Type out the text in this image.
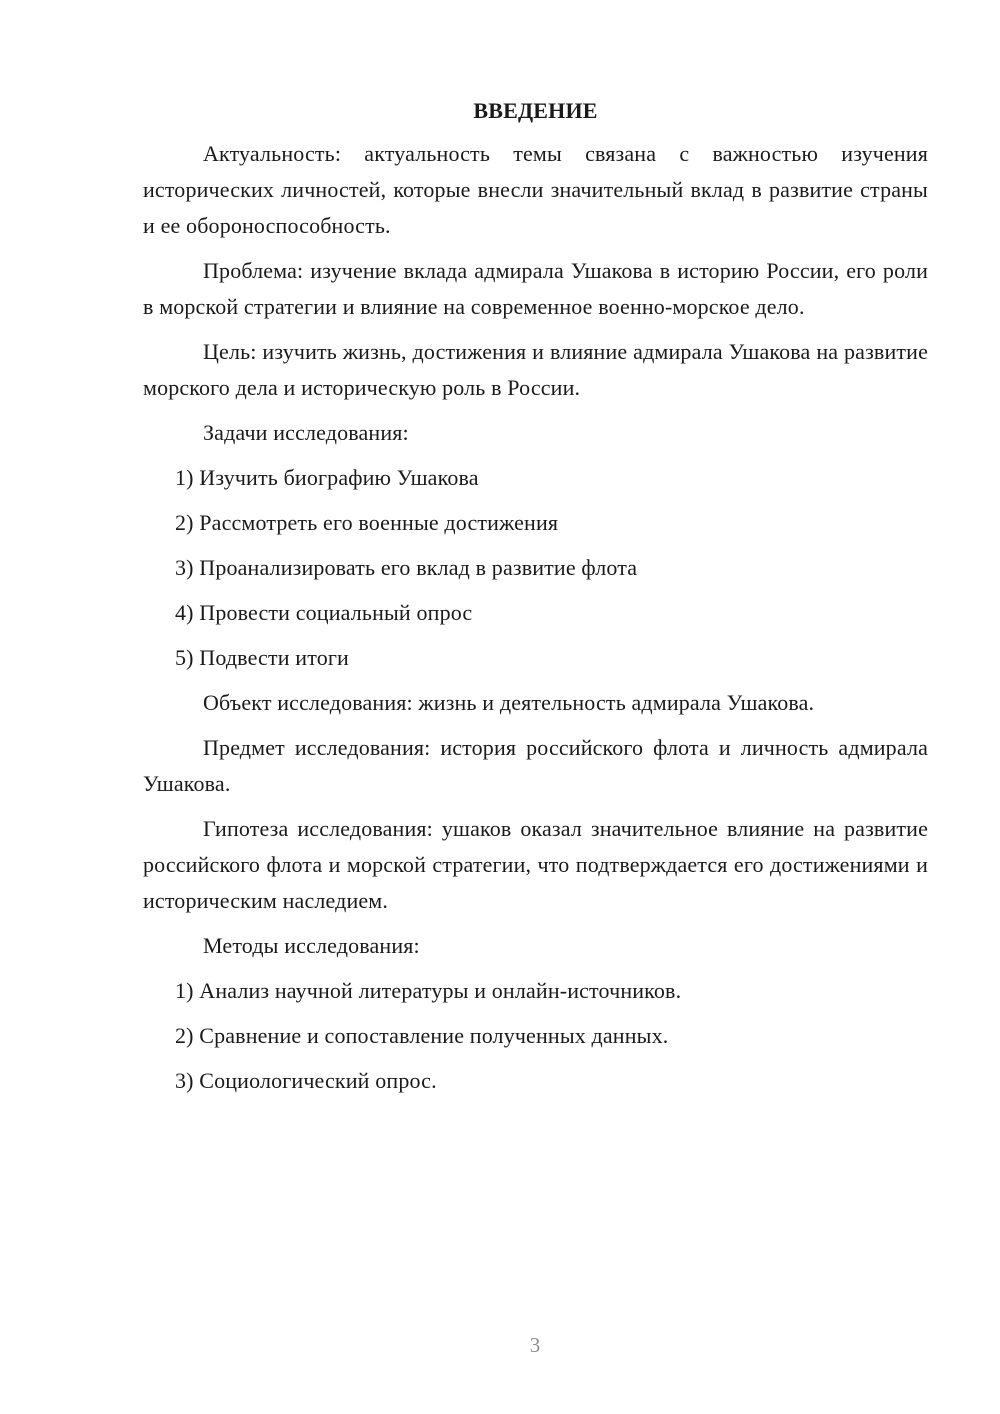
ВВЕДЕНИЕ

Актуальность: актуальность темы связана с важностью изучения исторических личностей, которые внесли значительный вклад в развитие страны и ее обороноспособность.

Проблема: изучение вклада адмирала Ушакова в историю России, его роли в морской стратегии и влияние на современное военно-морское дело.

Цель: изучить жизнь, достижения и влияние адмирала Ушакова на развитие морского дела и историческую роль в России.

Задачи исследования:

1) Изучить биографию Ушакова

2) Рассмотреть его военные достижения

3) Проанализировать его вклад в развитие флота

4) Провести социальный опрос

5) Подвести итоги

Объект исследования: жизнь и деятельность адмирала Ушакова.

Предмет исследования: история российского флота и личность адмирала Ушакова.

Гипотеза исследования: ушаков оказал значительное влияние на развитие российского флота и морской стратегии, что подтверждается его достижениями и историческим наследием.

Методы исследования:

1) Анализ научной литературы и онлайн-источников.

2) Сравнение и сопоставление полученных данных.

3) Социологический опрос.

3
